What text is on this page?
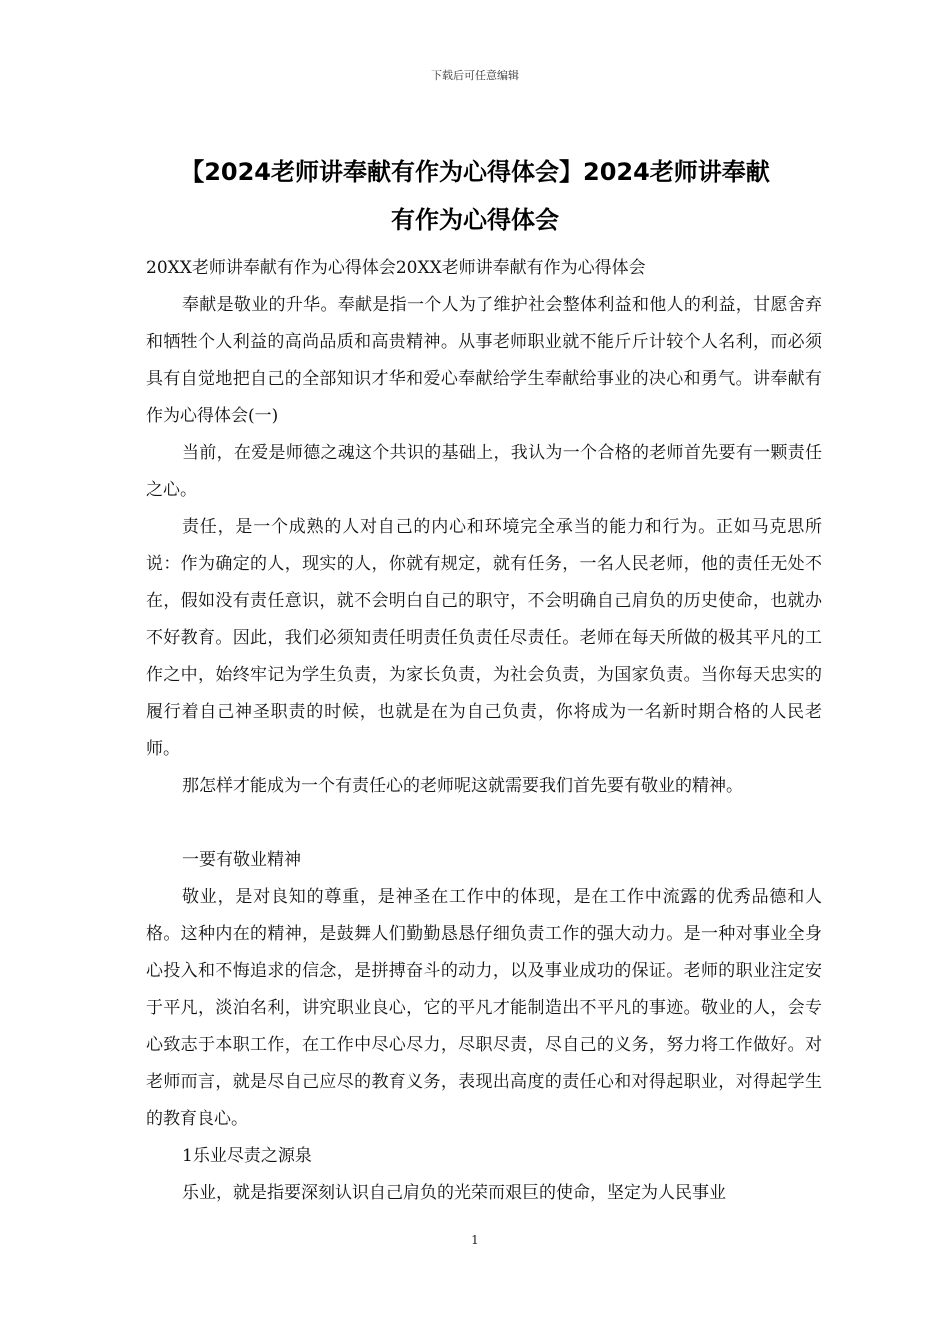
下载后可任意编辑
【2024老师讲奉献有作为心得体会】2024老师讲奉献
有作为心得体会

20XX老师讲奉献有作为心得体会20XX老师讲奉献有作为心得体会

奉献是敬业的升华。奉献是指一个人为了维护社会整体利益和他人的利益，甘愿舍弃和牺牲个人利益的高尚品质和高贵精神。从事老师职业就不能斤斤计较个人名利，而必须具有自觉地把自己的全部知识才华和爱心奉献给学生奉献给事业的决心和勇气。讲奉献有作为心得体会(一)

当前，在爱是师德之魂这个共识的基础上，我认为一个合格的老师首先要有一颗责任之心。

责任，是一个成熟的人对自己的内心和环境完全承当的能力和行为。正如马克思所说：作为确定的人，现实的人，你就有规定，就有任务，一名人民老师，他的责任无处不在，假如没有责任意识，就不会明白自己的职守，不会明确自己肩负的历史使命，也就办不好教育。因此，我们必须知责任明责任负责任尽责任。老师在每天所做的极其平凡的工作之中，始终牢记为学生负责，为家长负责，为社会负责，为国家负责。当你每天忠实的履行着自己神圣职责的时候，也就是在为自己负责，你将成为一名新时期合格的人民老师。

那怎样才能成为一个有责任心的老师呢这就需要我们首先要有敬业的精神。

一要有敬业精神

敬业，是对良知的尊重，是神圣在工作中的体现，是在工作中流露的优秀品德和人格。这种内在的精神，是鼓舞人们勤勤恳恳仔细负责工作的强大动力。是一种对事业全身心投入和不悔追求的信念，是拼搏奋斗的动力，以及事业成功的保证。老师的职业注定安于平凡，淡泊名利，讲究职业良心，它的平凡才能制造出不平凡的事迹。敬业的人，会专心致志于本职工作，在工作中尽心尽力，尽职尽责，尽自己的义务，努力将工作做好。对老师而言，就是尽自己应尽的教育义务，表现出高度的责任心和对得起职业，对得起学生的教育良心。

1乐业尽责之源泉

乐业，就是指要深刻认识自己肩负的光荣而艰巨的使命，坚定为人民事业

1
